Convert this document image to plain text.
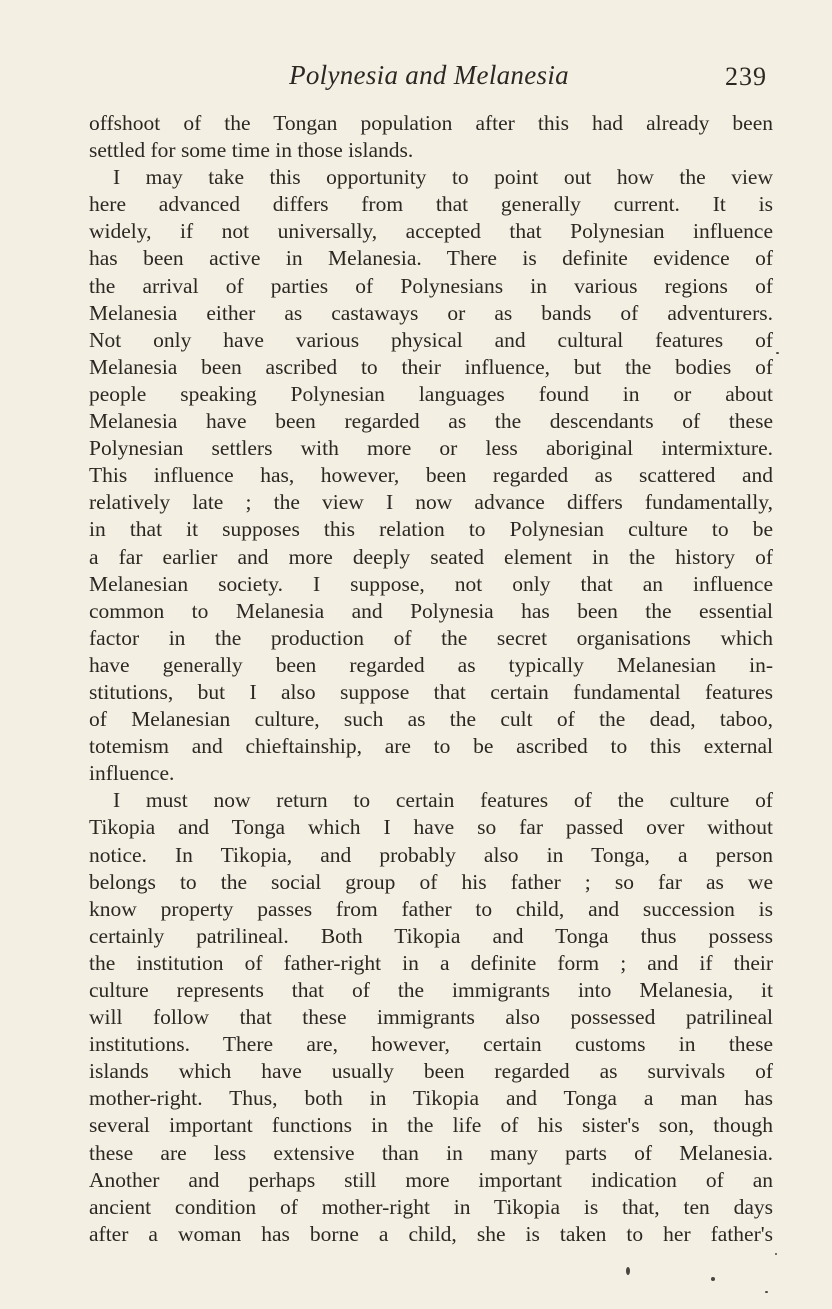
Polynesia and Melanesia	239
offshoot of the Tongan population after this had already been
settled for some time in those islands.
I may take this opportunity to point out how the view
here advanced differs from that generally current. It is
widely, if not universally, accepted that Polynesian influence
has been active in Melanesia. There is definite evidence of
the arrival of parties of Polynesians in various regions of
Melanesia either as castaways or as bands of adventurers.
Not only have various physical and cultural features of
Melanesia been ascribed to their influence, but the bodies of
people speaking Polynesian languages found in or about
Melanesia have been regarded as the descendants of these
Polynesian settlers with more or less aboriginal intermixture.
This influence has, however, been regarded as scattered and
relatively late ; the view I now advance differs fundamentally,
in that it supposes this relation to Polynesian culture to be
a far earlier and more deeply seated element in the history of
Melanesian society. I suppose, not only that an influence
common to Melanesia and Polynesia has been the essential
factor in the production of the secret organisations which
have generally been regarded as typically Melanesian in-
stitutions, but I also suppose that certain fundamental features
of Melanesian culture, such as the cult of the dead, taboo,
totemism and chieftainship, are to be ascribed to this external
influence.
I must now return to certain features of the culture of
Tikopia and Tonga which I have so far passed over without
notice. In Tikopia, and probably also in Tonga, a person
belongs to the social group of his father ; so far as we
know property passes from father to child, and succession is
certainly patrilineal. Both Tikopia and Tonga thus possess
the institution of father-right in a definite form ; and if their
culture represents that of the immigrants into Melanesia, it
will follow that these immigrants also possessed patrilineal
institutions. There are, however, certain customs in these
islands which have usually been regarded as survivals of
mother-right. Thus, both in Tikopia and Tonga a man has
several important functions in the life of his sister's son, though
these are less extensive than in many parts of Melanesia.
Another and perhaps still more important indication of an
ancient condition of mother-right in Tikopia is that, ten days
after a woman has borne a child, she is taken to her father's
